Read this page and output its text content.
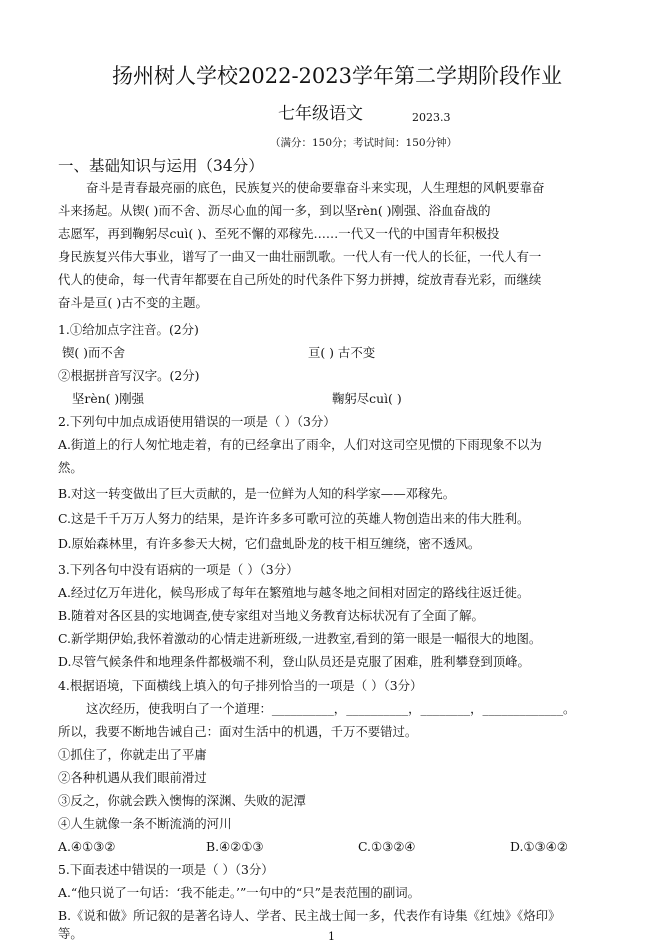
扬州树人学校2022-2023学年第二学期阶段作业
七年级语文	2023.3
（满分：150分；考试时间：150分钟）
一、基础知识与运用（34分）
奋斗是青春最亮丽的底色，民族复兴的使命要靠奋斗来实现，人生理想的风帆要靠奋
斗来扬起。从锲( )而不舍、沥尽心血的闻一多，到以坚rèn( )刚强、浴血奋战的
志愿军，再到鞠躬尽cuì( )、至死不懈的邓稼先……一代又一代的中国青年积极投
身民族复兴伟大事业，谱写了一曲又一曲壮丽凯歌。一代人有一代人的长征，一代人有一
代人的使命，每一代青年都要在自己所处的时代条件下努力拼搏，绽放青春光彩，而继续
奋斗是亘( )古不变的主题。
1.①给加点字注音。(2分)
锲( )而不舍	亘( ) 古不变
②根据拼音写汉字。(2分)
坚rèn( )刚强	鞠躬尽cuì( )
2.下列句中加点成语使用错误的一项是（ ）（3分）
A.街道上的行人匆忙地走着，有的已经拿出了雨伞，人们对这司空见惯的下雨现象不以为
然。
B.对这一转变做出了巨大贡献的，是一位鲜为人知的科学家——邓稼先。
C.这是千千万万人努力的结果，是许许多多可歌可泣的英雄人物创造出来的伟大胜利。
D.原始森林里，有许多参天大树，它们盘虬卧龙的枝干相互缠绕，密不透风。
3.下列各句中没有语病的一项是（ ）（3分）
A.经过亿万年进化，候鸟形成了每年在繁殖地与越冬地之间相对固定的路线往返迁徙。
B.随着对各区县的实地调查,使专家组对当地义务教育达标状况有了全面了解。
C.新学期伊始,我怀着激动的心情走进新班级,一进教室,看到的第一眼是一幅很大的地图。
D.尽管气候条件和地理条件都极端不利，登山队员还是克服了困难，胜利攀登到顶峰。
4.根据语境，下面横线上填入的句子排列恰当的一项是（ ）（3分）
这次经历，使我明白了一个道理：__________，__________，________，_____________。
所以，我要不断地告诫自己：面对生活中的机遇，千万不要错过。
①抓住了，你就走出了平庸
②各种机遇从我们眼前滑过
③反之，你就会跌入懊悔的深渊、失败的泥潭
④人生就像一条不断流淌的河川
A.④①③②	B.④②①③	C.①③②④	D.①③④②
5.下面表述中错误的一项是（ ）（3分）
A.“他只说了一句话：‘我不能走。’”一句中的“只”是表范围的副词。
B.《说和做》所记叙的是著名诗人、学者、民主战士闻一多，代表作有诗集《红烛》《烙印》
等。	1
